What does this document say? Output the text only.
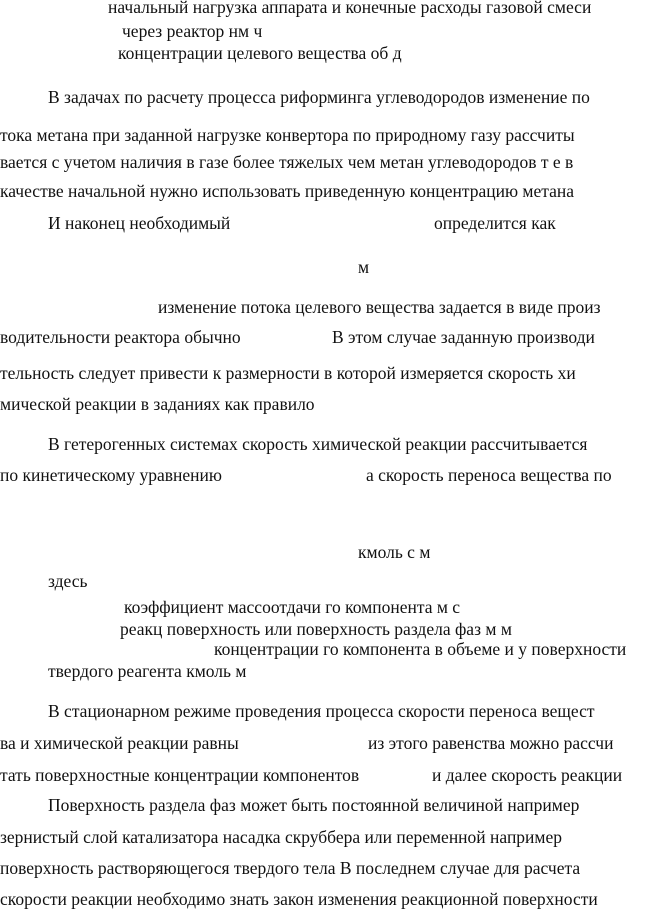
начальный нагрузка аппарата и конечные расходы газовой смеси
через реактор нм ч
концентрации целевого вещества об д
В задачах по расчету процесса риформинга углеводородов изменение по
тока метана при заданной нагрузке конвертора по природному газу рассчиты
вается с учетом наличия в газе более тяжелых чем метан углеводородов т е в
качестве начальной нужно использовать приведенную концентрацию метана
И наконец необходимый	определится как
м
изменение потока целевого вещества задается в виде произ
водительности реактора обычно	В этом случае заданную производи
тельность следует привести к размерности в которой измеряется скорость хи
мической реакции в заданиях как правило
В гетерогенных системах скорость химической реакции рассчитывается
по кинетическому уравнению	а скорость переноса вещества по
кмоль с м
здесь
коэффициент массоотдачи го компонента м с
реакц поверхность или поверхность раздела фаз м м
концентрации го компонента в объеме и у поверхности
твердого реагента кмоль м
В стационарном режиме проведения процесса скорости переноса вещест
ва и химической реакции равны	из этого равенства можно рассчи
тать поверхностные концентрации компонентов	и далее скорость реакции
Поверхность раздела фаз может быть постоянной величиной например
зернистый слой катализатора насадка скруббера или переменной например
поверхность растворяющегося твердого тела В последнем случае для расчета
скорости реакции необходимо знать закон изменения реакционной поверхности
